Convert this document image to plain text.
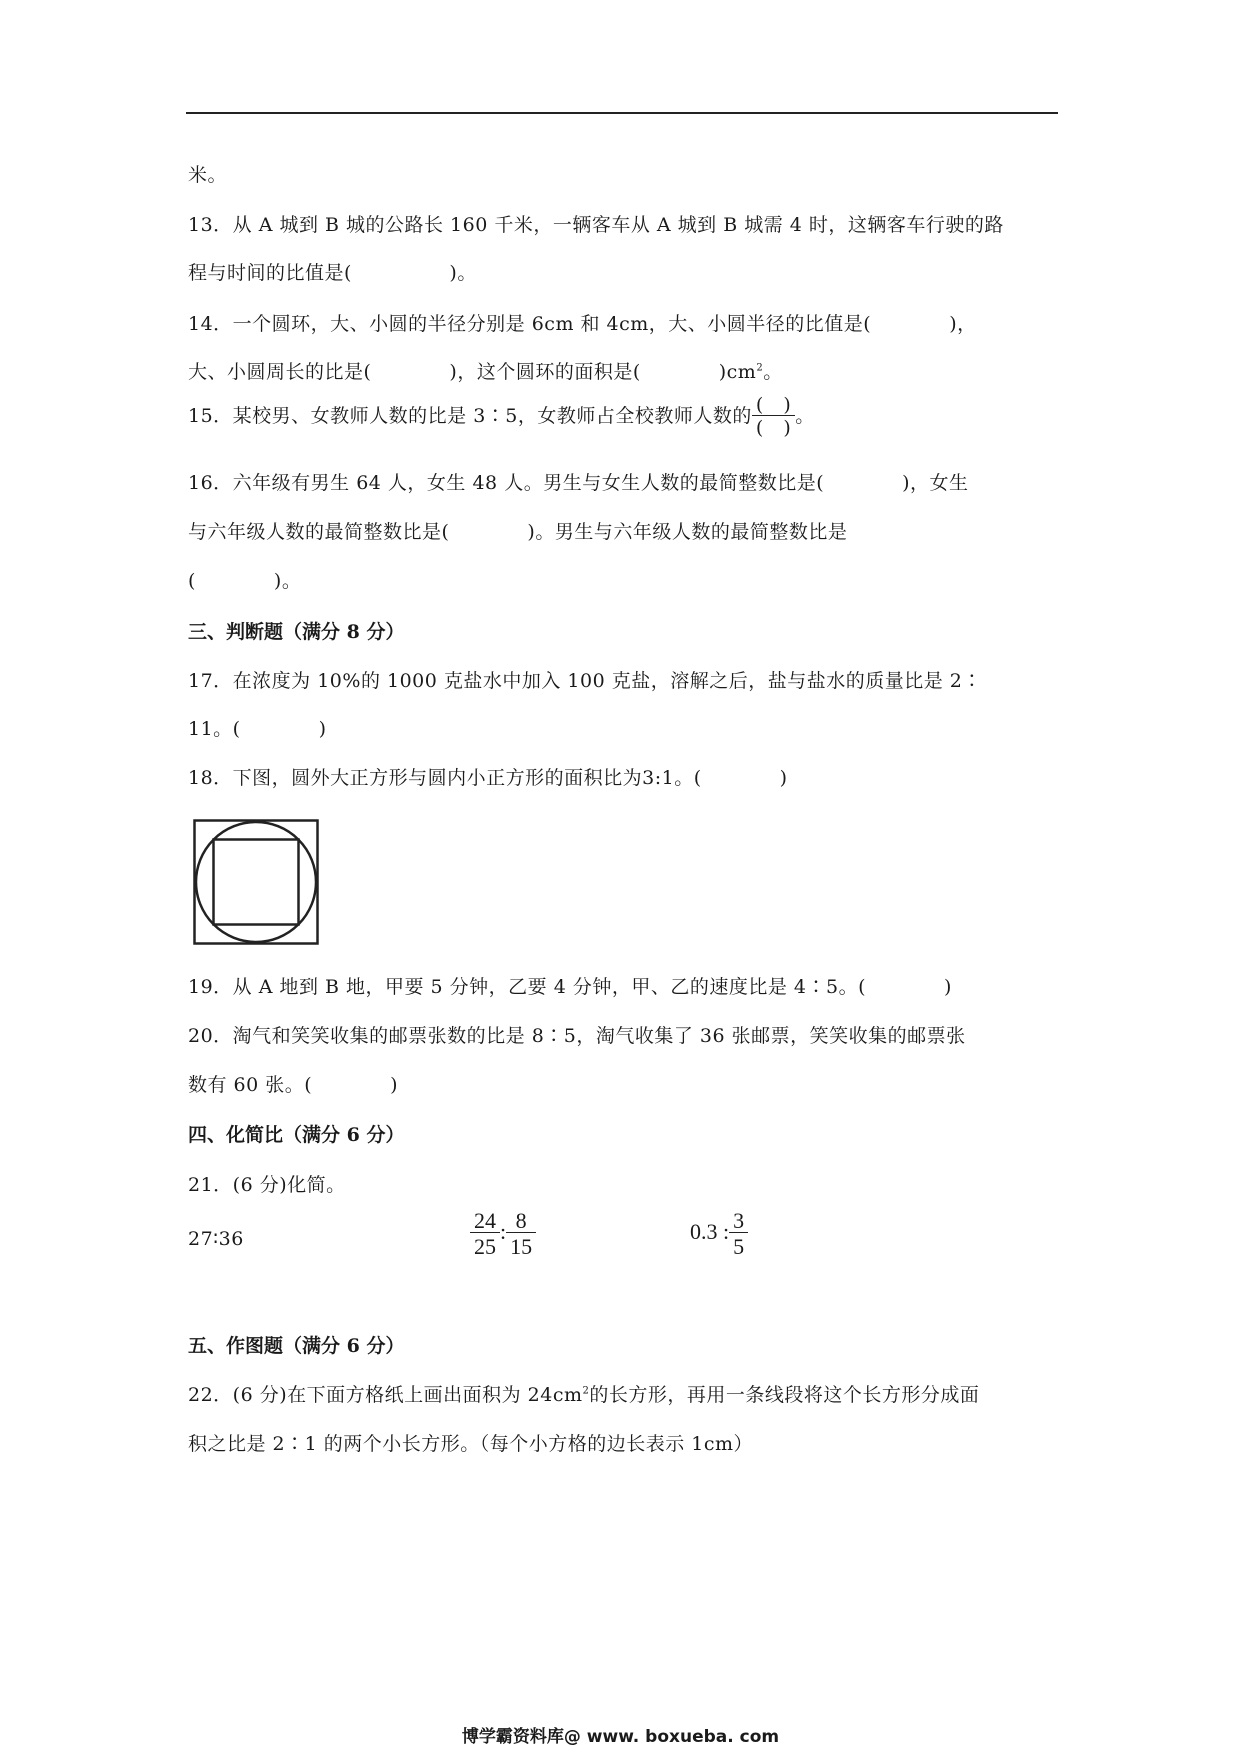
米。
13．从 A 城到 B 城的公路长 160 千米，一辆客车从 A 城到 B 城需 4 时，这辆客车行驶的路
程与时间的比值是(　　　　　)。
14．一个圆环，大、小圆的半径分别是 6cm 和 4cm，大、小圆半径的比值是(　　　　)，
大、小圆周长的比是(　　　　)，这个圆环的面积是(　　　　)$cm^2$。
15．某校男、女教师人数的比是 3∶5，女教师占全校教师人数的 $\frac{( )}{( )}$ 。
16．六年级有男生 64 人，女生 48 人。男生与女生人数的最简整数比是(　　　　)，女生
与六年级人数的最简整数比是(　　　　)。男生与六年级人数的最简整数比是
(　　　　)。
三、判断题（满分 8 分）
17．在浓度为 10%的 1000 克盐水中加入 100 克盐，溶解之后，盐与盐水的质量比是 2∶
11。(　　　　)
18．下图，圆外大正方形与圆内小正方形的面积比为3:1。(　　　　)
19．从 A 地到 B 地，甲要 5 分钟，乙要 4 分钟，甲、乙的速度比是 4∶5。(　　　　)
20．淘气和笑笑收集的邮票张数的比是 8∶5，淘气收集了 36 张邮票，笑笑收集的邮票张
数有 60 张。(　　　　)
四、化简比（满分 6 分）
21．(6 分)化简。
27∶36	$\frac{24}{25}$ : $\frac{8}{15}$	0.3 : $\frac{3}{5}$
五、作图题（满分 6 分）
22．(6 分)在下面方格纸上画出面积为 $24cm^2$的长方形，再用一条线段将这个长方形分成面
积之比是 2∶1 的两个小长方形。（每个小方格的边长表示 1cm）
博学霸资料库@ www. boxueba. com
